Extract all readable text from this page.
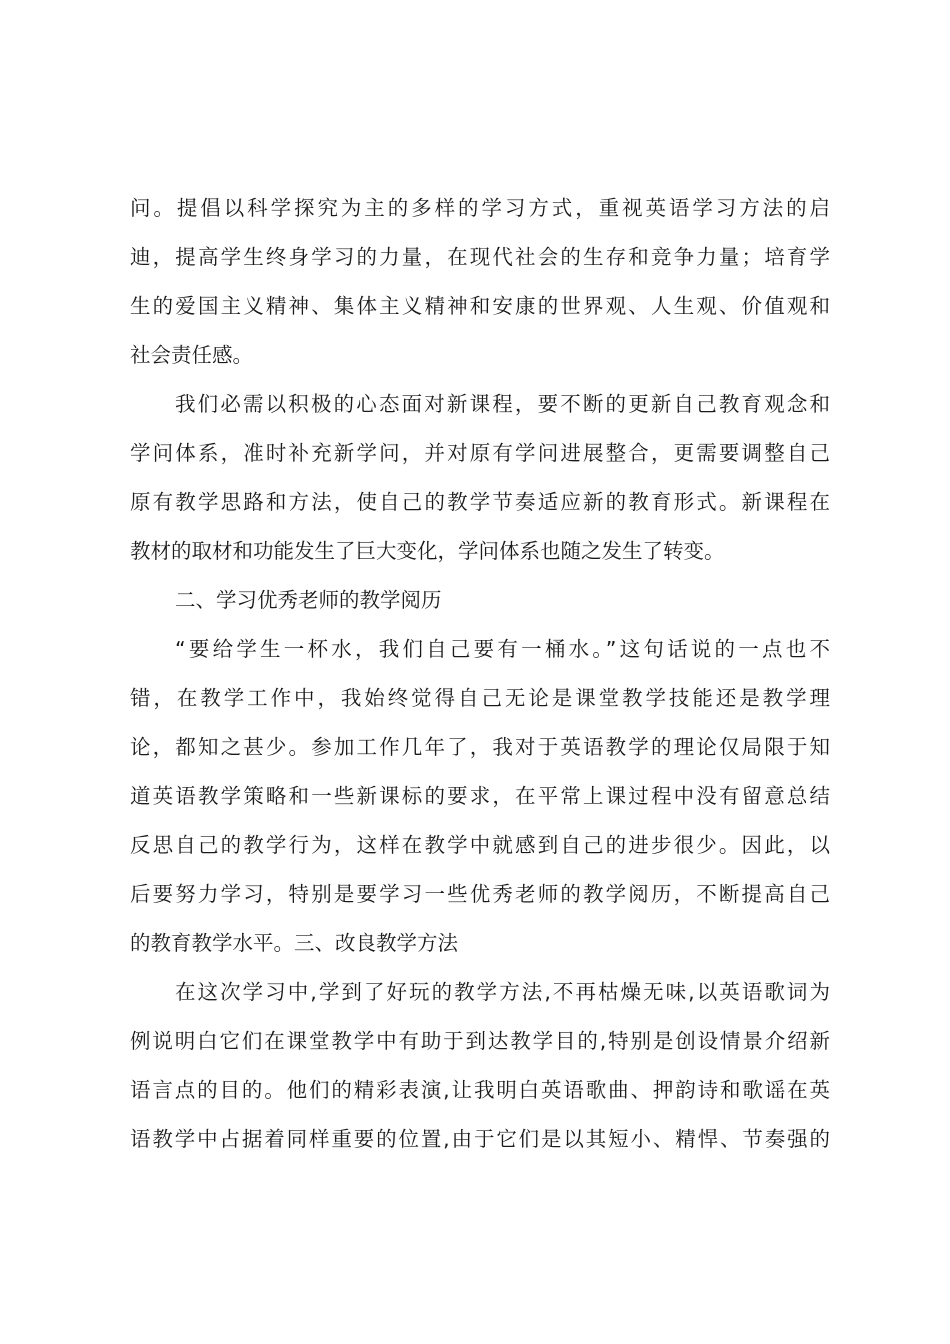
问。提倡以科学探究为主的多样的学习方式，重视英语学习方法的启
迪，提高学生终身学习的力量，在现代社会的生存和竞争力量；培育学
生的爱国主义精神、集体主义精神和安康的世界观、人生观、价值观和
社会责任感。
我们必需以积极的心态面对新课程，要不断的更新自己教育观念和
学问体系，准时补充新学问，并对原有学问进展整合，更需要调整自己
原有教学思路和方法，使自己的教学节奏适应新的教育形式。新课程在
教材的取材和功能发生了巨大变化，学问体系也随之发生了转变。
二、学习优秀老师的教学阅历
“要给学生一杯水，我们自己要有一桶水。”这句话说的一点也不
错，在教学工作中，我始终觉得自己无论是课堂教学技能还是教学理
论，都知之甚少。参加工作几年了，我对于英语教学的理论仅局限于知
道英语教学策略和一些新课标的要求，在平常上课过程中没有留意总结
反思自己的教学行为，这样在教学中就感到自己的进步很少。因此，以
后要努力学习，特别是要学习一些优秀老师的教学阅历，不断提高自己
的教育教学水平。三、改良教学方法
在这次学习中,学到了好玩的教学方法,不再枯燥无味,以英语歌词为
例说明白它们在课堂教学中有助于到达教学目的,特别是创设情景介绍新
语言点的目的。他们的精彩表演,让我明白英语歌曲、押韵诗和歌谣在英
语教学中占据着同样重要的位置,由于它们是以其短小、精悍、节奏强的
